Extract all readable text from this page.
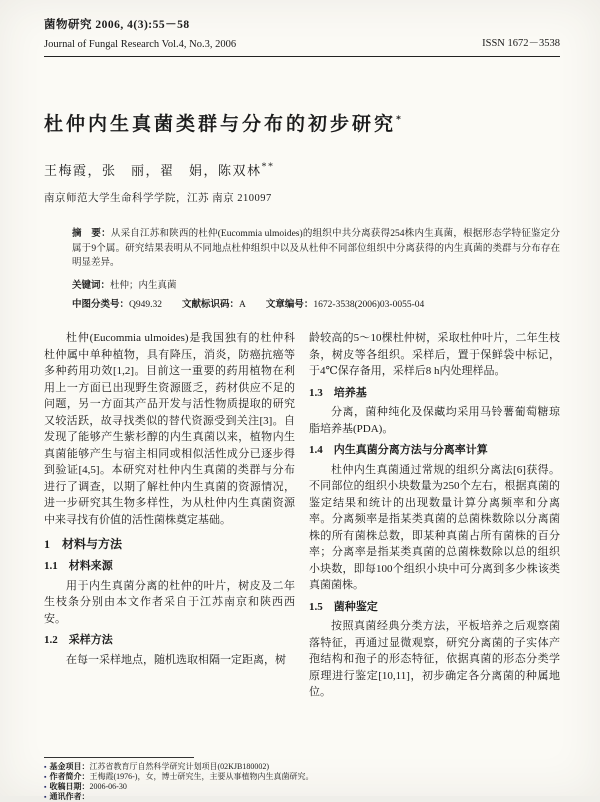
菌物研究 2006, 4(3):55－58
Journal of Fungal Research Vol.4, No.3, 2006	ISSN 1672－3538
杜仲内生真菌类群与分布的初步研究*
王梅霞，张　丽，翟　娟，陈双林**
南京师范大学生命科学学院，江苏 南京 210097
摘　要：从采自江苏和陕西的杜仲(Eucommia ulmoides)的组织中共分离获得254株内生真菌，根据形态学特征鉴定分属于9个属。研究结果表明从不同地点杜仲组织中以及从杜仲不同部位组织中分离获得的内生真菌的类群与分布存在明显差异。
关键词：杜仲；内生真菌
中图分类号：Q949.32 文献标识码：A 文章编号：1672-3538(2006)03-0055-04

杜仲(Eucommia ulmoides)是我国独有的杜仲科杜仲属中单种植物，具有降压，消炎，防癌抗癌等多种药用功效[1,2]。目前这一重要的药用植物在利用上一方面已出现野生资源匮乏，药材供应不足的问题，另一方面其产品开发与活性物质提取的研究又较活跃，故寻找类似的替代资源受到关注[3]。自发现了能够产生紫杉醇的内生真菌以来，植物内生真菌能够产生与宿主相同或相似活性成分已逐步得到验证[4,5]。本研究对杜仲内生真菌的类群与分布进行了调查，以期了解杜仲内生真菌的资源情况，进一步研究其生物多样性，为从杜仲内生真菌资源中来寻找有价值的活性菌株奠定基础。

1　材料与方法
1.1　材料来源

用于内生真菌分离的杜仲的叶片，树皮及二年生枝条分别由本文作者采自于江苏南京和陕西西安。

1.2　采样方法

在每一采样地点，随机选取相隔一定距离，树

龄较高的5～10棵杜仲树，采取杜仲叶片，二年生枝条，树皮等各组织。采样后，置于保鲜袋中标记，于4℃保存备用，采样后8 h内处理样品。

1.3　培养基

分离，菌种纯化及保藏均采用马铃薯葡萄糖琼脂培养基(PDA)。

1.4　内生真菌分离方法与分离率计算

杜仲内生真菌通过常规的组织分离法[6]获得。不同部位的组织小块数量为250个左右，根据真菌的鉴定结果和统计的出现数量计算分离频率和分离率。分离频率是指某类真菌的总菌株数除以分离菌株的所有菌株总数，即某种真菌占所有菌株的百分率；分离率是指某类真菌的总菌株数除以总的组织小块数，即每100个组织小块中可分离到多少株该类真菌菌株。

1.5　菌种鉴定

按照真菌经典分类方法，平板培养之后观察菌落特征，再通过显微观察，研究分离菌的子实体产孢结构和孢子的形态特征，依据真菌的形态分类学原理进行鉴定[10,11]，初步确定各分离菌的种属地位。

▪ 基金项目：江苏省教育厅自然科学研究计划项目(02KJB180002)
▪ 作者简介：王梅霞(1976-)，女，博士研究生，主要从事植物内生真菌研究。
▪ 收稿日期：2006-06-30
▪ 通讯作者：
